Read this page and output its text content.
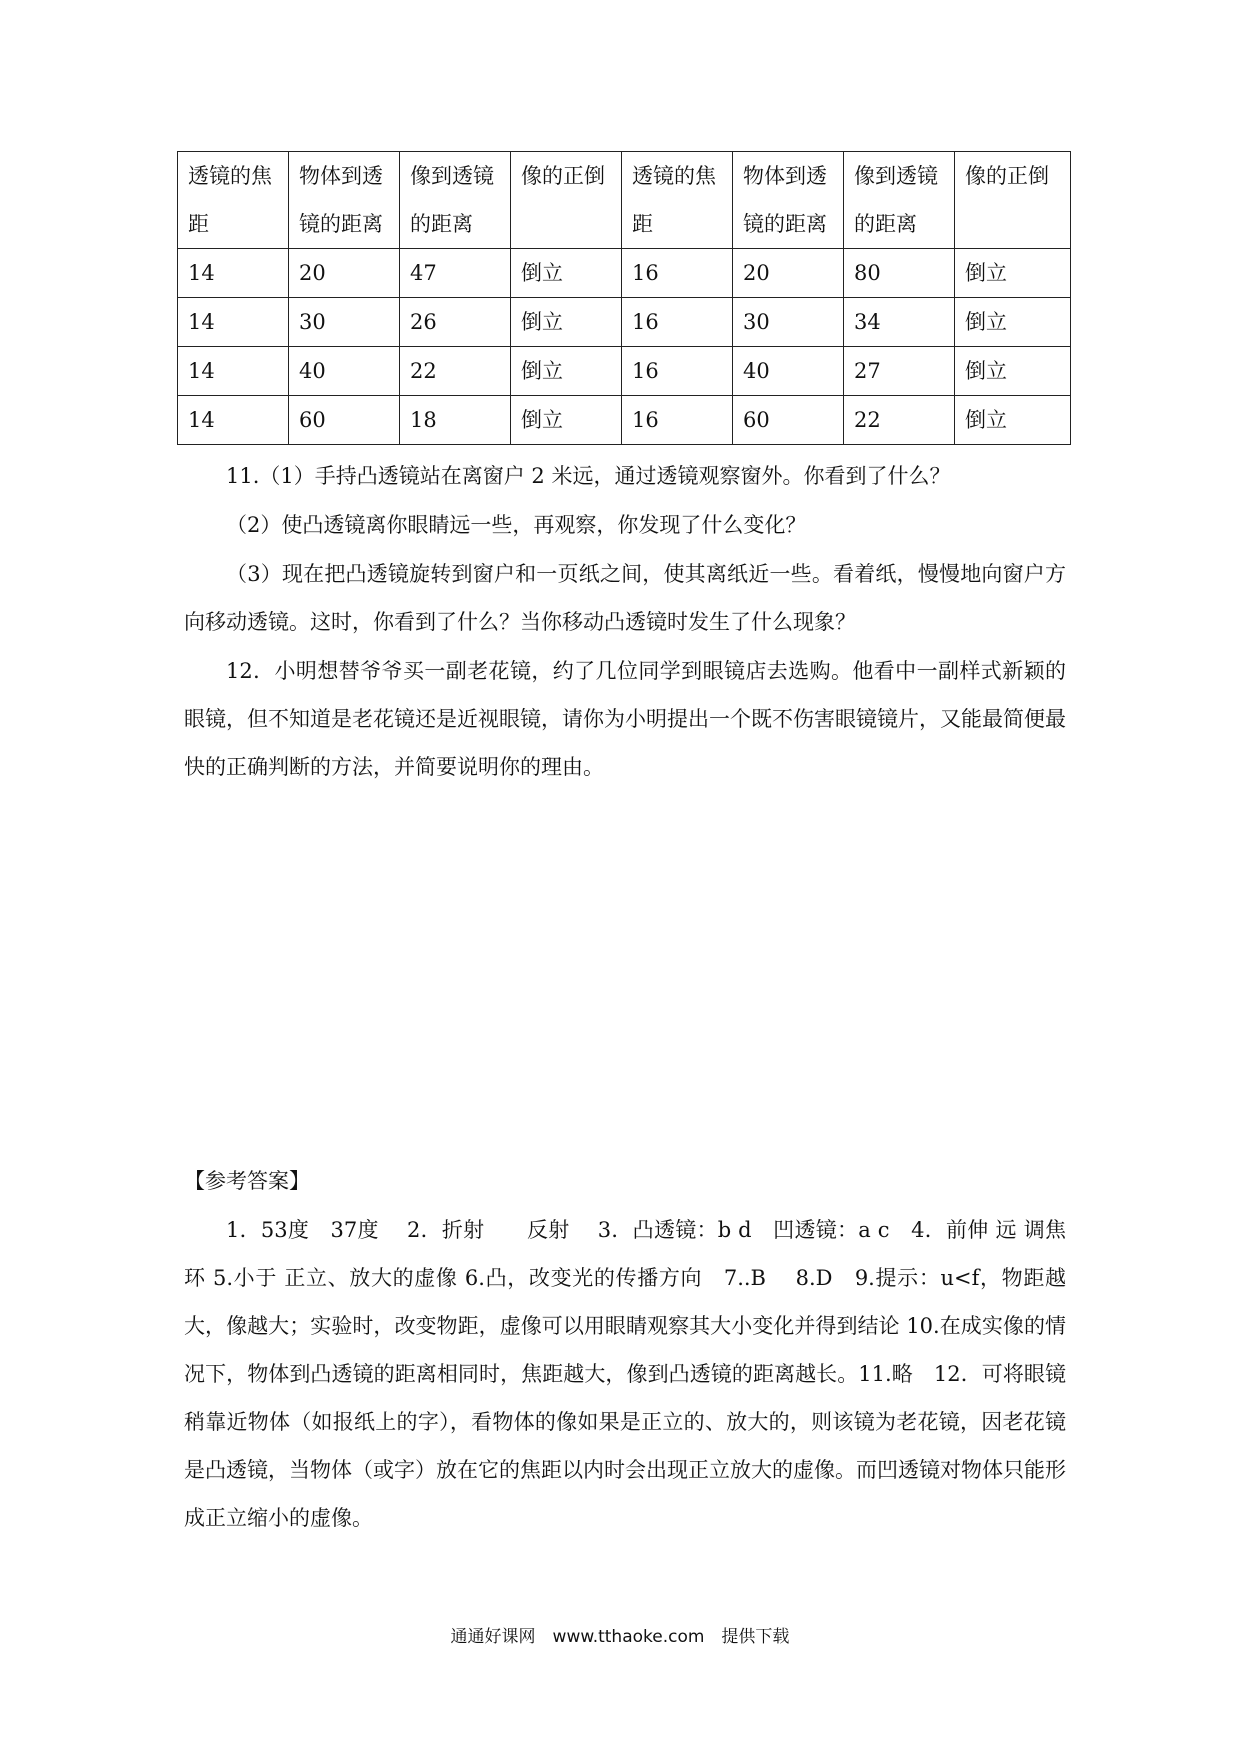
透镜的焦距	物体到透镜的距离	像到透镜的距离	像的正倒	透镜的焦距	物体到透镜的距离	像到透镜的距离	像的正倒
14	20	47	倒立	16	20	80	倒立
14	30	26	倒立	16	30	34	倒立
14	40	22	倒立	16	40	27	倒立
14	60	18	倒立	16	60	22	倒立

11.（1）手持凸透镜站在离窗户 2 米远，通过透镜观察窗外。你看到了什么？

（2）使凸透镜离你眼睛远一些，再观察，你发现了什么变化？

（3）现在把凸透镜旋转到窗户和一页纸之间，使其离纸近一些。看着纸，慢慢地向窗户方向移动透镜。这时，你看到了什么？当你移动凸透镜时发生了什么现象？

12．小明想替爷爷买一副老花镜，约了几位同学到眼镜店去选购。他看中一副样式新颖的眼镜，但不知道是老花镜还是近视眼镜，请你为小明提出一个既不伤害眼镜镜片，又能最简便最快的正确判断的方法，并简要说明你的理由。

【参考答案】

1．53度　37度　 2．折射　　反射　 3．凸透镜：b d　凹透镜：a c　4．前伸 远 调焦环 5.小于 正立、放大的虚像 6.凸，改变光的传播方向　7..B　 8.D　9.提示：u<f，物距越大，像越大；实验时，改变物距，虚像可以用眼睛观察其大小变化并得到结论 10.在成实像的情况下，物体到凸透镜的距离相同时，焦距越大，像到凸透镜的距离越长。11.略　12．可将眼镜稍靠近物体（如报纸上的字），看物体的像如果是正立的、放大的，则该镜为老花镜，因老花镜是凸透镜，当物体（或字）放在它的焦距以内时会出现正立放大的虚像。而凹透镜对物体只能形成正立缩小的虚像。

通通好课网　www.tthaoke.com　提供下载
